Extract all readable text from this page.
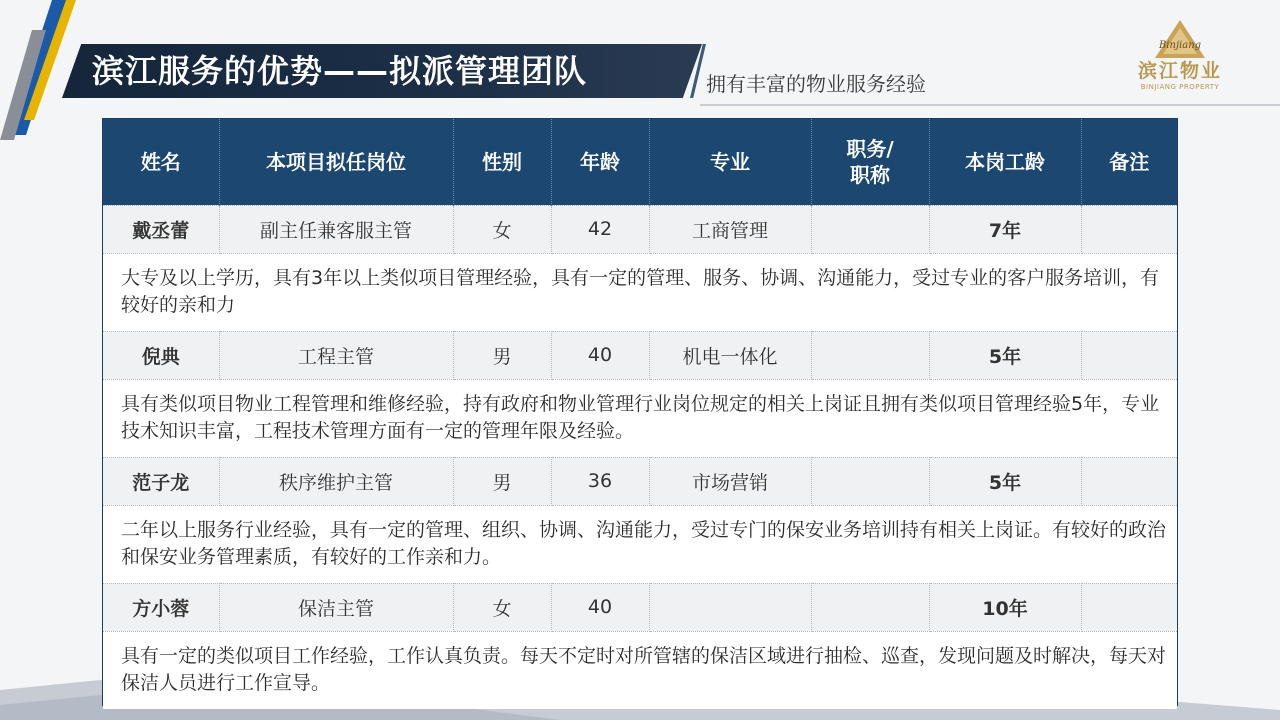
滨江服务的优势——拟派管理团队	拥有丰富的物业服务经验
Binjiang
滨江物业
BINJIANG PROPERTY
姓名	本项目拟任岗位	性别	年龄	专业	职务/
职称	本岗工龄	备注
戴丞蕾	副主任兼客服主管	女	42	工商管理		7年	
大专及以上学历，具有3年以上类似项目管理经验，具有一定的管理、服务、协调、沟通能力，受过专业的客户服务培训，有较好的亲和力							
倪典	工程主管	男	40	机电一体化		5年	
具有类似项目物业工程管理和维修经验，持有政府和物业管理行业岗位规定的相关上岗证且拥有类似项目管理经验5年，专业技术知识丰富，工程技术管理方面有一定的管理年限及经验。							
范子龙	秩序维护主管	男	36	市场营销		5年	
二年以上服务行业经验，具有一定的管理、组织、协调、沟通能力，受过专门的保安业务培训持有相关上岗证。有较好的政治和保安业务管理素质，有较好的工作亲和力。							
方小蓉	保洁主管	女	40			10年	
具有一定的类似项目工作经验，工作认真负责。每天不定时对所管辖的保洁区域进行抽检、巡查，发现问题及时解决，每天对保洁人员进行工作宣导。							
